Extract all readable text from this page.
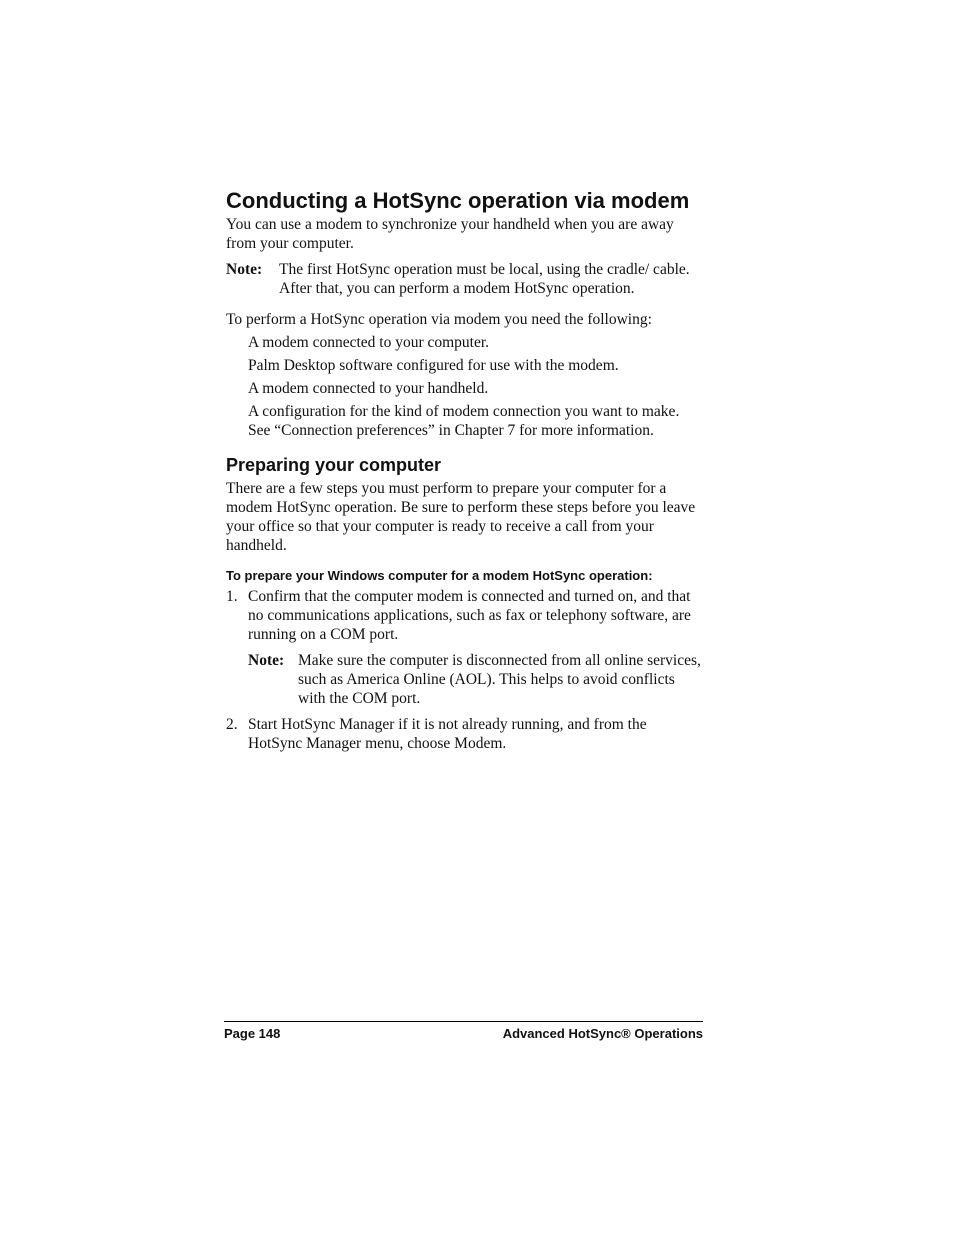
Conducting a HotSync operation via modem

You can use a modem to synchronize your handheld when you are away from your computer.

Note:	The first HotSync operation must be local, using the cradle/ cable. After that, you can perform a modem HotSync operation.

To perform a HotSync operation via modem you need the following:

A modem connected to your computer.
Palm Desktop software configured for use with the modem.
A modem connected to your handheld.
A configuration for the kind of modem connection you want to make. See “Connection preferences” in Chapter 7 for more information.
Preparing your computer

There are a few steps you must perform to prepare your computer for a modem HotSync operation. Be sure to perform these steps before you leave your office so that your computer is ready to receive a call from your handheld.

To prepare your Windows computer for a modem HotSync operation:
1. Confirm that the computer modem is connected and turned on, and that no communications applications, such as fax or telephony software, are running on a COM port.
Note: Make sure the computer is disconnected from all online services, such as America Online (AOL). This helps to avoid conflicts with the COM port.
2. Start HotSync Manager if it is not already running, and from the HotSync Manager menu, choose Modem.
Page 148	Advanced HotSync® Operations
